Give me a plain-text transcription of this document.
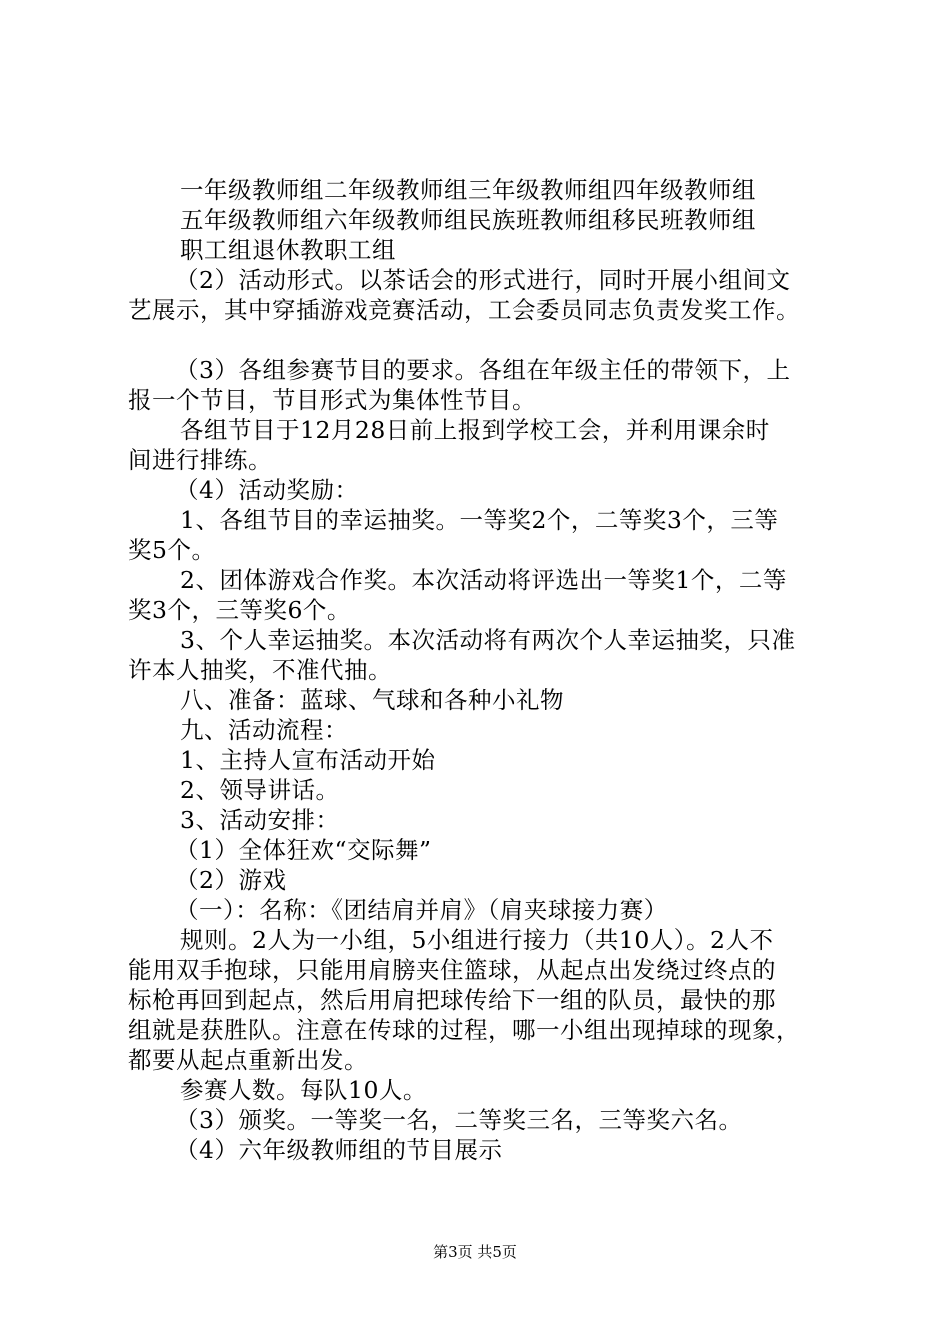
一年级教师组二年级教师组三年级教师组四年级教师组
五年级教师组六年级教师组民族班教师组移民班教师组
职工组退休教职工组
（2）活动形式。以茶话会的形式进行，同时开展小组间文
艺展示，其中穿插游戏竞赛活动，工会委员同志负责发奖工作。
（3）各组参赛节目的要求。各组在年级主任的带领下，上
报一个节目，节目形式为集体性节目。
各组节目于12月28日前上报到学校工会，并利用课余时
间进行排练。
（4）活动奖励：
1、各组节目的幸运抽奖。一等奖2个，二等奖3个，三等
奖5个。
2、团体游戏合作奖。本次活动将评选出一等奖1个，二等
奖3个，三等奖6个。
3、个人幸运抽奖。本次活动将有两次个人幸运抽奖，只准
许本人抽奖，不准代抽。
八、准备：蓝球、气球和各种小礼物
九、活动流程：
1、主持人宣布活动开始
2、领导讲话。
3、活动安排：
（1）全体狂欢“交际舞”
（2）游戏
（一）：名称：《团结肩并肩》（肩夹球接力赛）
规则。2人为一小组，5小组进行接力（共10人）。2人不
能用双手抱球，只能用肩膀夹住篮球，从起点出发绕过终点的
标枪再回到起点，然后用肩把球传给下一组的队员，最快的那
组就是获胜队。注意在传球的过程，哪一小组出现掉球的现象，
都要从起点重新出发。
参赛人数。每队10人。
（3）颁奖。一等奖一名，二等奖三名，三等奖六名。
（4）六年级教师组的节目展示
第3页 共5页
